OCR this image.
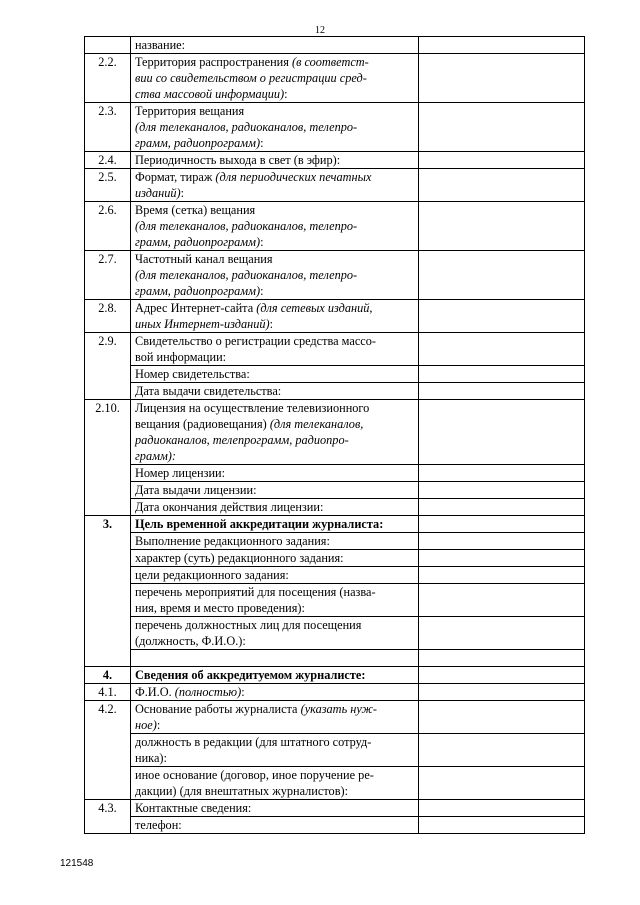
12
	название:	
2.2.	Территория распространения (в соответст-
вии со свидетельством о регистрации сред-
ства массовой информации):	
2.3.	Территория вещания
(для телеканалов, радиоканалов, телепро-
грамм, радиопрограмм):	
2.4.	Периодичность выхода в свет (в эфир):	
2.5.	Формат, тираж (для периодических печатных
изданий):	
2.6.	Время (сетка) вещания
(для телеканалов, радиоканалов, телепро-
грамм, радиопрограмм):	
2.7.	Частотный канал вещания
(для телеканалов, радиоканалов, телепро-
грамм, радиопрограмм):	
2.8.	Адрес Интернет-сайта (для сетевых изданий,
иных Интернет-изданий):	
2.9.	Свидетельство о регистрации средства массо-
вой информации:	
	Номер свидетельства:	
	Дата выдачи свидетельства:	
2.10.	Лицензия на осуществление телевизионного
вещания (радиовещания) (для телеканалов,
радиоканалов, телепрограмм, радиопро-
грамм):	
	Номер лицензии:	
	Дата выдачи лицензии:	
	Дата окончания действия лицензии:	
3.	Цель временной аккредитации журналиста:	
	Выполнение редакционного задания:	
	характер (суть) редакционного задания:	
	цели редакционного задания:	
	перечень мероприятий для посещения (назва-
ния, время и место проведения):	
	перечень должностных лиц для посещения
(должность, Ф.И.О.):	

4.	Сведения об аккредитуемом журналисте:	
4.1.	Ф.И.О. (полностью):	
4.2.	Основание работы журналиста (указать нуж-
ное):	
	должность в редакции (для штатного сотруд-
ника):	
	иное основание (договор, иное поручение ре-
дакции) (для внештатных журналистов):	
4.3.	Контактные сведения:	
	телефон:	
121548
